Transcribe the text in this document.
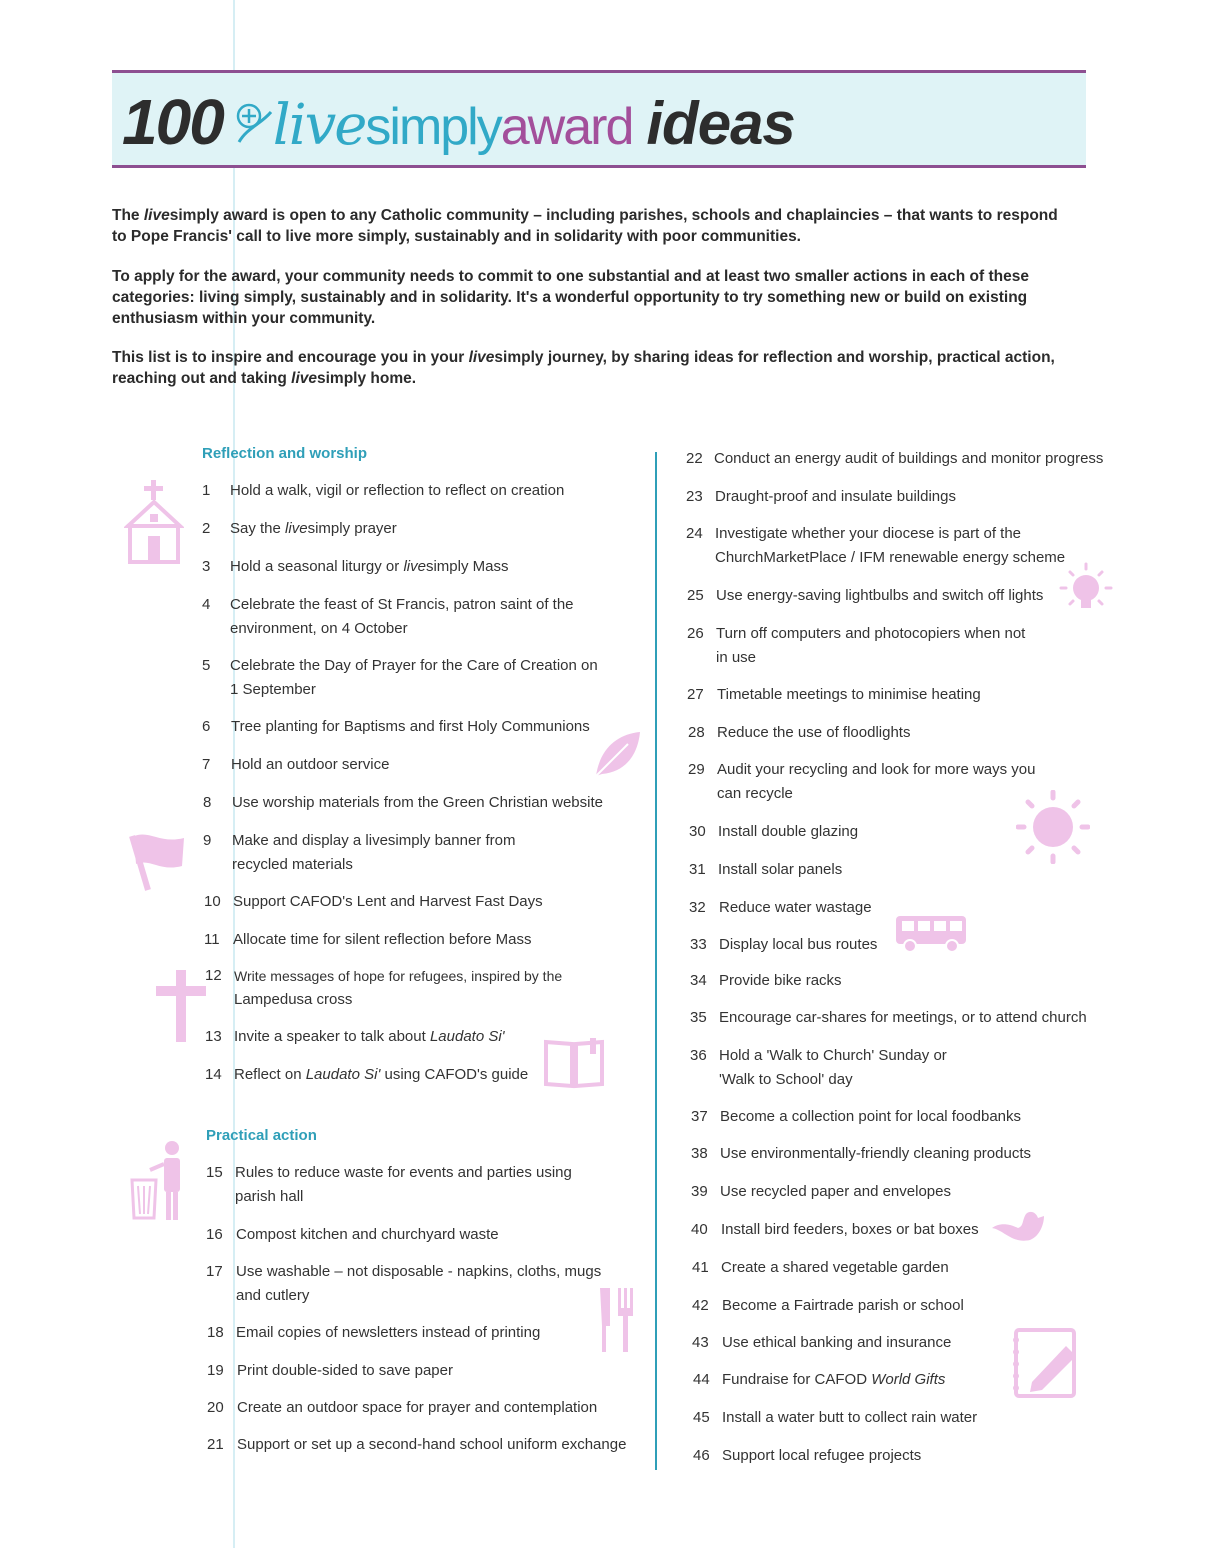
100 live simply award ideas
The livesimply award is open to any Catholic community – including parishes, schools and chaplaincies – that wants to respond to Pope Francis' call to live more simply, sustainably and in solidarity with poor communities.
To apply for the award, your community needs to commit to one substantial and at least two smaller actions in each of these categories: living simply, sustainably and in solidarity. It's a wonderful opportunity to try something new or build on existing enthusiasm within your community.
This list is to inspire and encourage you in your livesimply journey, by sharing ideas for reflection and worship, practical action, reaching out and taking livesimply home.
Reflection and worship
Practical action
1 Hold a walk, vigil or reflection to reflect on creation
2 Say the livesimply prayer
3 Hold a seasonal liturgy or livesimply Mass
4 Celebrate the feast of St Francis, patron saint of the
environment, on 4 October
5 Celebrate the Day of Prayer for the Care of Creation on
1 September
6 Tree planting for Baptisms and first Holy Communions
7 Hold an outdoor service
8 Use worship materials from the Green Christian website
9 Make and display a livesimply banner from
recycled materials
10 Support CAFOD's Lent and Harvest Fast Days
11 Allocate time for silent reflection before Mass
12 Write messages of hope for refugees, inspired by the
Lampedusa cross
13 Invite a speaker to talk about Laudato Si'
14 Reflect on Laudato Si' using CAFOD's guide
15 Rules to reduce waste for events and parties using
parish hall
16 Compost kitchen and churchyard waste
17 Use washable – not disposable - napkins, cloths, mugs
and cutlery
18 Email copies of newsletters instead of printing
19 Print double-sided to save paper
20 Create an outdoor space for prayer and contemplation
21 Support or set up a second-hand school uniform exchange
22 Conduct an energy audit of buildings and monitor progress
23 Draught-proof and insulate buildings
24 Investigate whether your diocese is part of the
ChurchMarketPlace / IFM renewable energy scheme
25 Use energy-saving lightbulbs and switch off lights
26 Turn off computers and photocopiers when not
in use
27 Timetable meetings to minimise heating
28 Reduce the use of floodlights
29 Audit your recycling and look for more ways you
can recycle
30 Install double glazing
31 Install solar panels
32 Reduce water wastage
33 Display local bus routes
34 Provide bike racks
35 Encourage car-shares for meetings, or to attend church
36 Hold a 'Walk to Church' Sunday or
'Walk to School' day
37 Become a collection point for local foodbanks
38 Use environmentally-friendly cleaning products
39 Use recycled paper and envelopes
40 Install bird feeders, boxes or bat boxes
41 Create a shared vegetable garden
42 Become a Fairtrade parish or school
43 Use ethical banking and insurance
44 Fundraise for CAFOD World Gifts
45 Install a water butt to collect rain water
46 Support local refugee projects
